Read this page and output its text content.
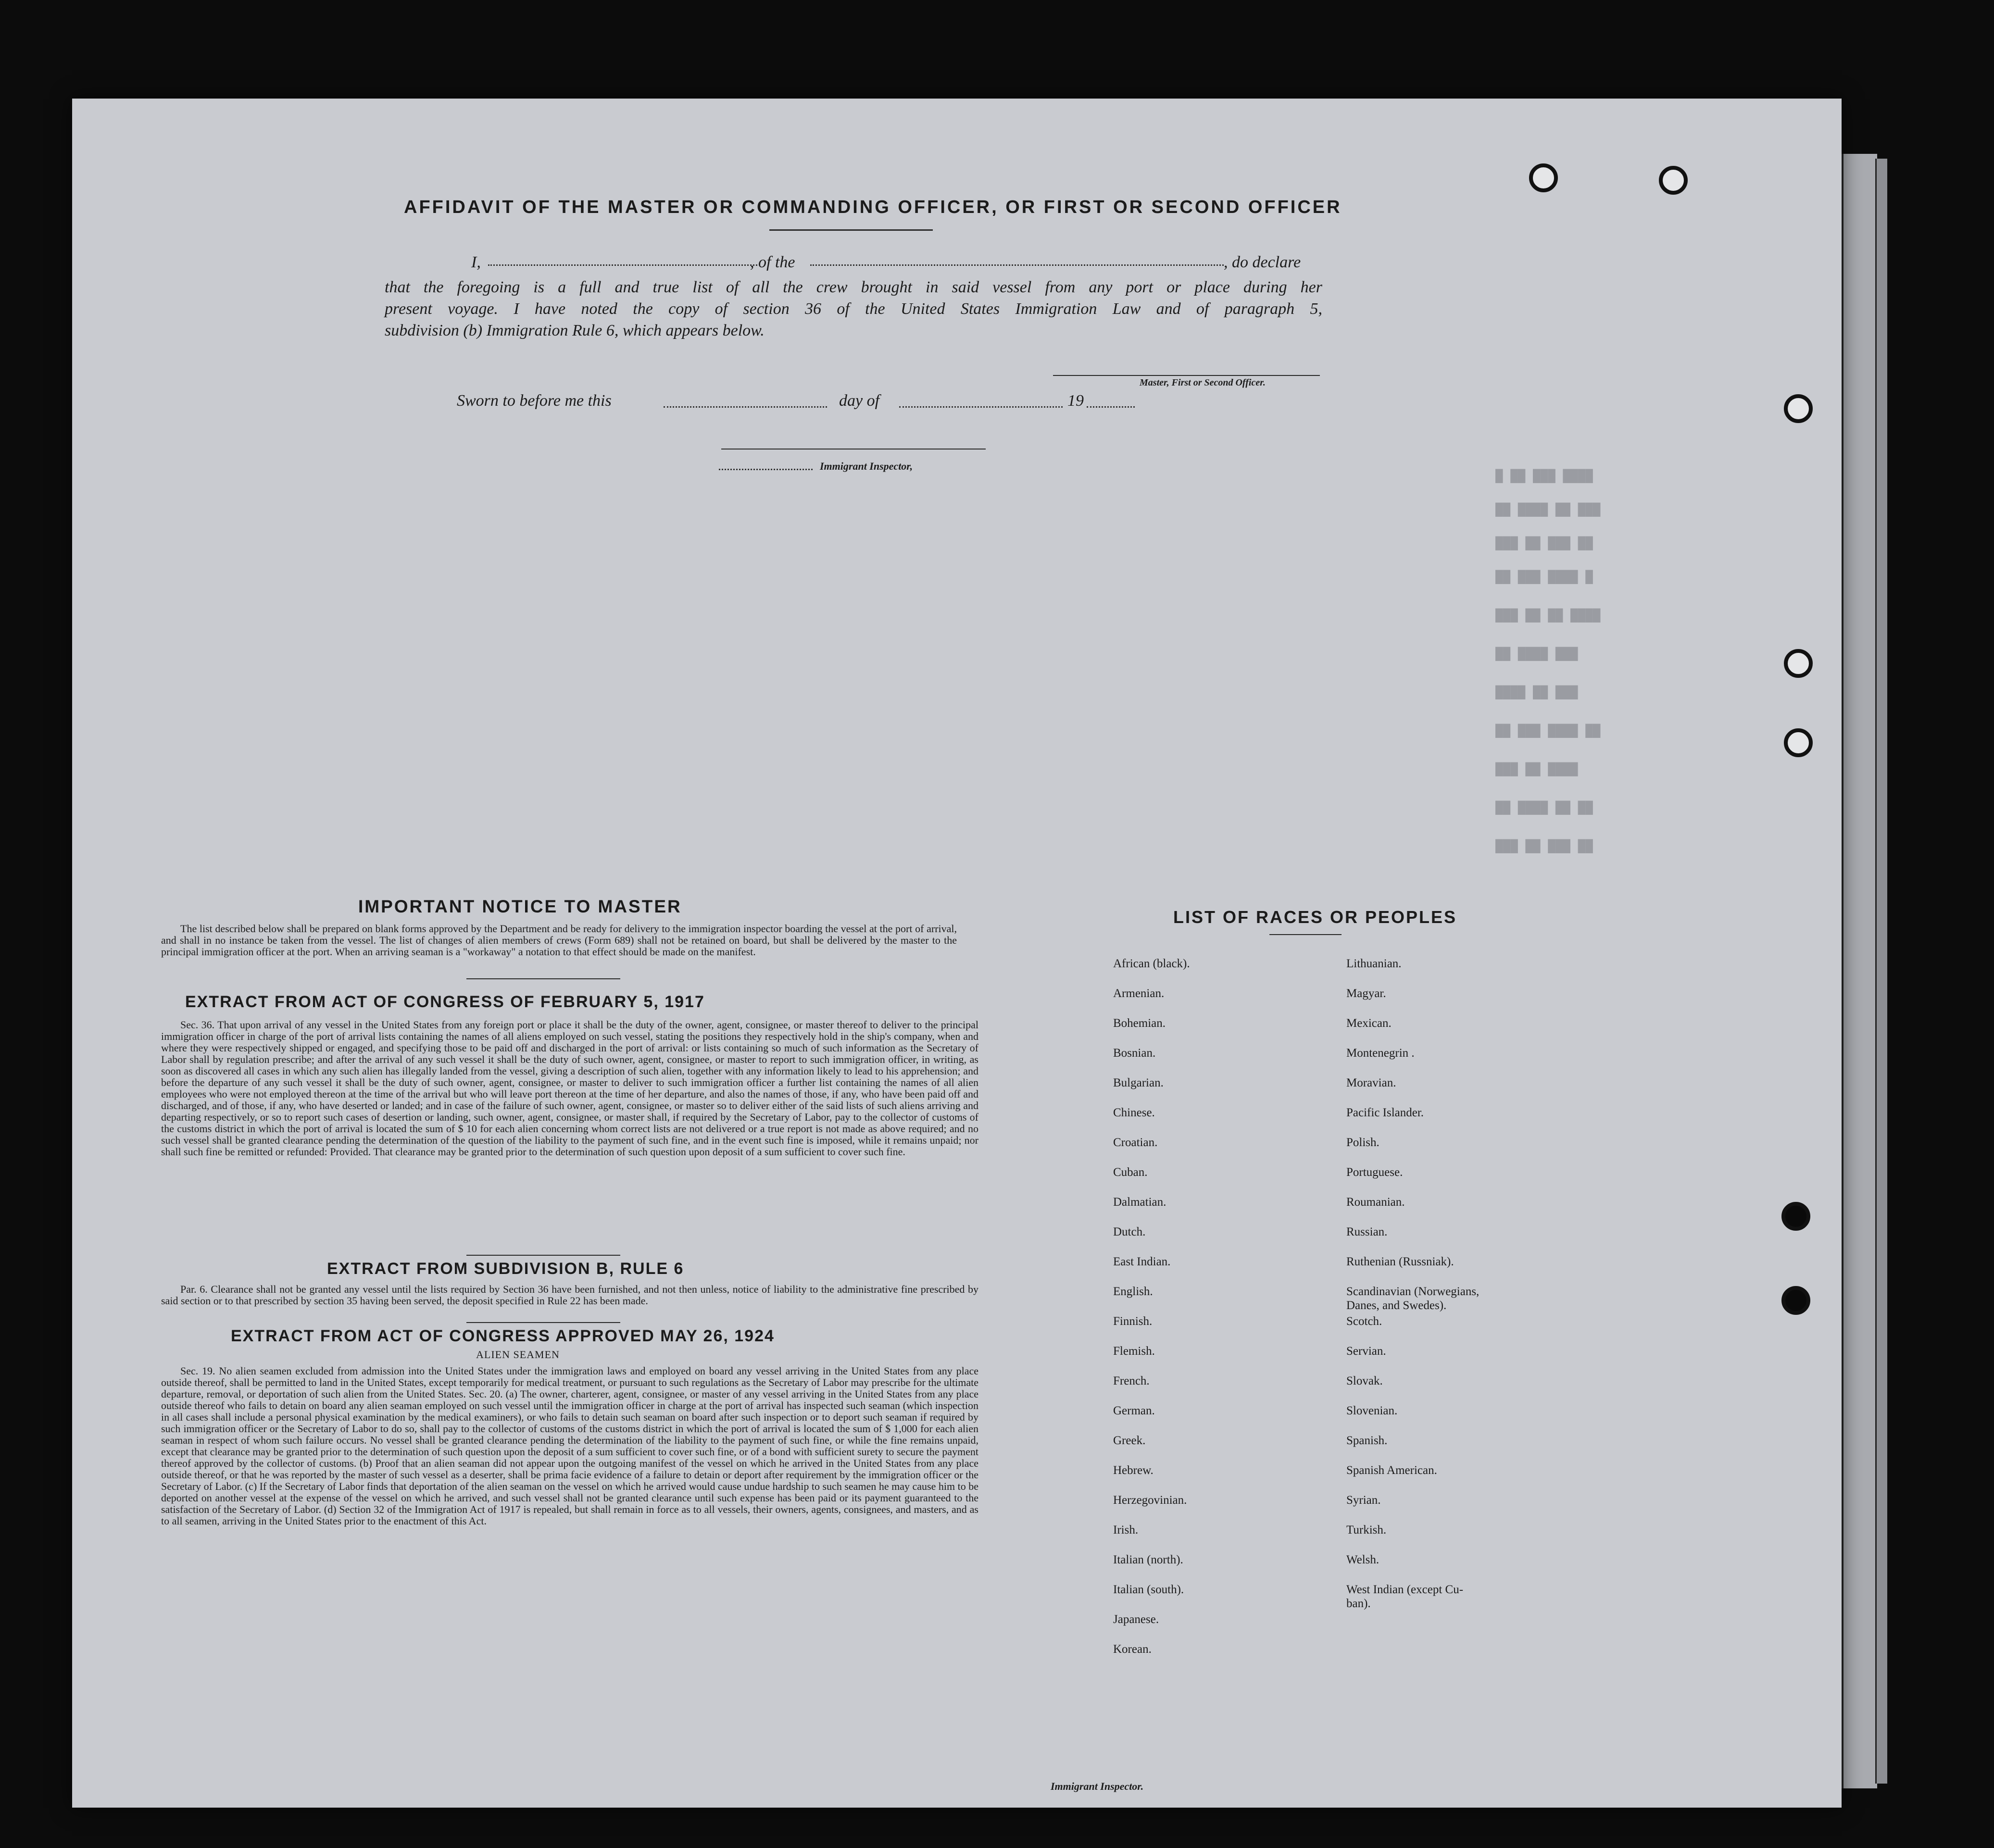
█ ██ ███ ████
██ ████ ██ ███
███ ██ ███ ██
██ ███ ████ █
███ ██ ██ ████
██ ████ ███
████ ██ ███
██ ███ ████ ██
███ ██ ████
██ ████ ██ ██
███ ██ ███ ██
AFFIDAVIT OF THE MASTER OR COMMANDING OFFICER, OR FIRST OR SECOND OFFICER
I,	, of the	, do declare
that the foregoing is a full and true list of all the crew brought in said vessel from any port or place during her
present voyage. I have noted the copy of section 36 of the United States Immigration Law and of paragraph 5,
subdivision (b) Immigration Rule 6, which appears below.
Master, First or Second Officer.
Sworn to before me this	day of	19
Immigrant Inspector,
IMPORTANT NOTICE TO MASTER
The list described below shall be prepared on blank forms approved by the Department and be ready for delivery to the immigration inspector boarding the vessel at the port of arrival, and shall in no instance be taken from the vessel. The list of changes of alien members of crews (Form 689) shall not be retained on board, but shall be delivered by the master to the principal immigration officer at the port. When an arriving seaman is a "workaway" a notation to that effect should be made on the manifest.
EXTRACT FROM ACT OF CONGRESS OF FEBRUARY 5, 1917
Sec. 36. That upon arrival of any vessel in the United States from any foreign port or place it shall be the duty of the owner, agent, consignee, or master thereof to deliver to the principal immigration officer in charge of the port of arrival lists containing the names of all aliens employed on such vessel, stating the positions they respectively hold in the ship's company, when and where they were respectively shipped or engaged, and specifying those to be paid off and discharged in the port of arrival: or lists containing so much of such information as the Secretary of Labor shall by regulation prescribe; and after the arrival of any such vessel it shall be the duty of such owner, agent, consignee, or master to report to such immigration officer, in writing, as soon as discovered all cases in which any such alien has illegally landed from the vessel, giving a description of such alien, together with any information likely to lead to his apprehension; and before the departure of any such vessel it shall be the duty of such owner, agent, consignee, or master to deliver to such immigration officer a further list containing the names of all alien employees who were not employed thereon at the time of the arrival but who will leave port thereon at the time of her departure, and also the names of those, if any, who have been paid off and discharged, and of those, if any, who have deserted or landed; and in case of the failure of such owner, agent, consignee, or master so to deliver either of the said lists of such aliens arriving and departing respectively, or so to report such cases of desertion or landing, such owner, agent, consignee, or master shall, if required by the Secretary of Labor, pay to the collector of customs of the customs district in which the port of arrival is located the sum of $ 10 for each alien concerning whom correct lists are not delivered or a true report is not made as above required; and no such vessel shall be granted clearance pending the determination of the question of the liability to the payment of such fine, and in the event such fine is imposed, while it remains unpaid; nor shall such fine be remitted or refunded: Provided. That clearance may be granted prior to the determination of such question upon deposit of a sum sufficient to cover such fine.
EXTRACT FROM SUBDIVISION B, RULE 6
Par. 6. Clearance shall not be granted any vessel until the lists required by Section 36 have been furnished, and not then unless, notice of liability to the administrative fine prescribed by said section or to that prescribed by section 35 having been served, the deposit specified in Rule 22 has been made.
EXTRACT FROM ACT OF CONGRESS APPROVED MAY 26, 1924
ALIEN SEAMEN
Sec. 19. No alien seamen excluded from admission into the United States under the immigration laws and employed on board any vessel arriving in the United States from any place outside thereof, shall be permitted to land in the United States, except temporarily for medical treatment, or pursuant to such regulations as the Secretary of Labor may prescribe for the ultimate departure, removal, or deportation of such alien from the United States. Sec. 20. (a) The owner, charterer, agent, consignee, or master of any vessel arriving in the United States from any place outside thereof who fails to detain on board any alien seaman employed on such vessel until the immigration officer in charge at the port of arrival has inspected such seaman (which inspection in all cases shall include a personal physical examination by the medical examiners), or who fails to detain such seaman on board after such inspection or to deport such seaman if required by such immigration officer or the Secretary of Labor to do so, shall pay to the collector of customs of the customs district in which the port of arrival is located the sum of $ 1,000 for each alien seaman in respect of whom such failure occurs. No vessel shall be granted clearance pending the determination of the liability to the payment of such fine, or while the fine remains unpaid, except that clearance may be granted prior to the determination of such question upon the deposit of a sum sufficient to cover such fine, or of a bond with sufficient surety to secure the payment thereof approved by the collector of customs. (b) Proof that an alien seaman did not appear upon the outgoing manifest of the vessel on which he arrived in the United States from any place outside thereof, or that he was reported by the master of such vessel as a deserter, shall be prima facie evidence of a failure to detain or deport after requirement by the immigration officer or the Secretary of Labor. (c) If the Secretary of Labor finds that deportation of the alien seaman on the vessel on which he arrived would cause undue hardship to such seamen he may cause him to be deported on another vessel at the expense of the vessel on which he arrived, and such vessel shall not be granted clearance until such expense has been paid or its payment guaranteed to the satisfaction of the Secretary of Labor. (d) Section 32 of the Immigration Act of 1917 is repealed, but shall remain in force as to all vessels, their owners, agents, consignees, and masters, and as to all seamen, arriving in the United States prior to the enactment of this Act.
LIST OF RACES OR PEOPLES
African (black).
Armenian.
Bohemian.
Bosnian.
Bulgarian.
Chinese.
Croatian.
Cuban.
Dalmatian.
Dutch.
East Indian.
English.
Finnish.
Flemish.
French.
German.
Greek.
Hebrew.
Herzegovinian.
Irish.
Italian (north).
Italian (south).
Japanese.
Korean.
Lithuanian.
Magyar.
Mexican.
Montenegrin .
Moravian.
Pacific Islander.
Polish.
Portuguese.
Roumanian.
Russian.
Ruthenian (Russniak).
Scandinavian (Norwegians,
Danes, and Swedes).
Scotch.
Servian.
Slovak.
Slovenian.
Spanish.
Spanish American.
Syrian.
Turkish.
Welsh.
West Indian (except Cu-
ban).
Immigrant Inspector.
